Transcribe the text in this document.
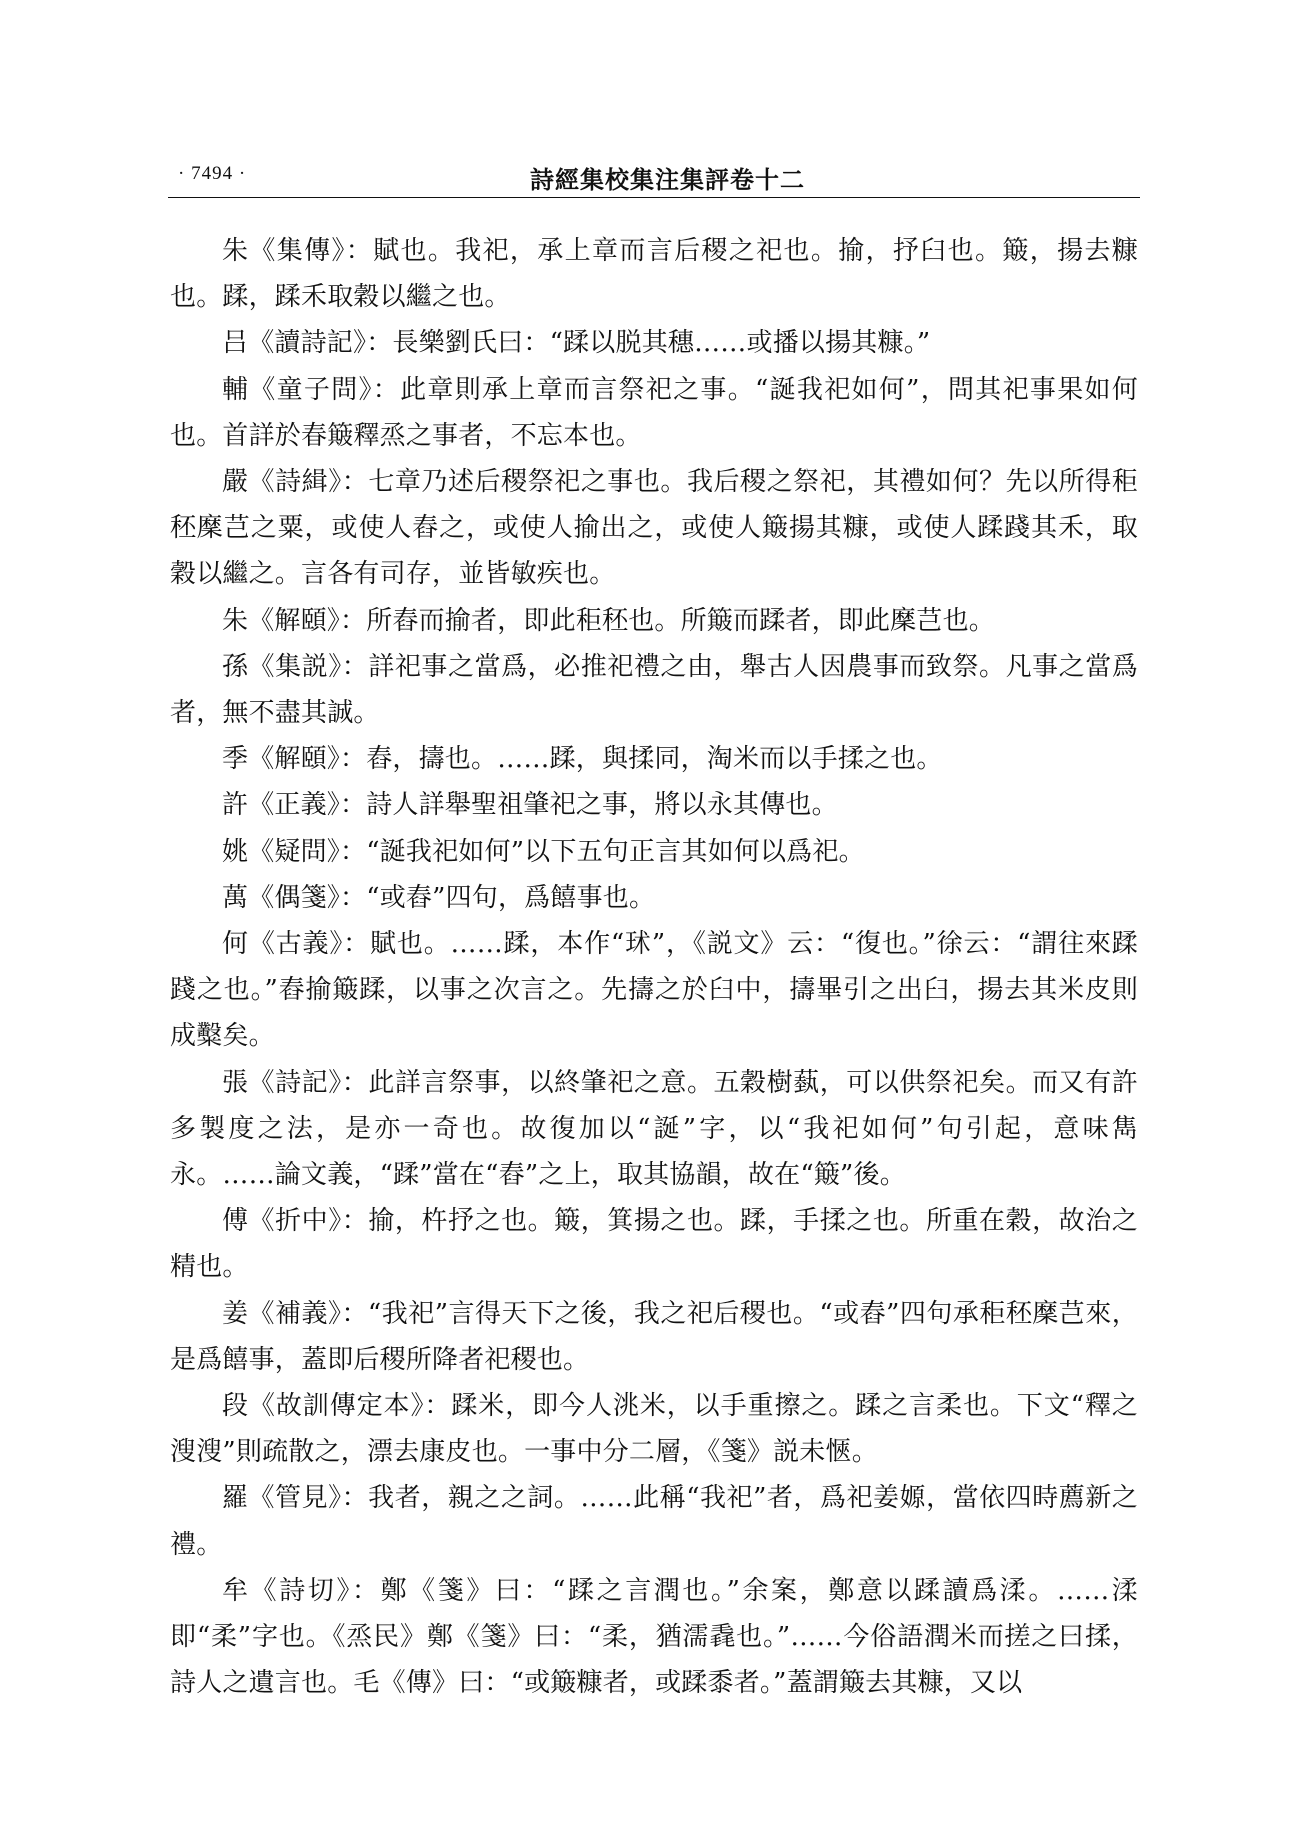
· 7494 ·	詩經集校集注集評卷十二

朱《集傳》：賦也。我祀，承上章而言后稷之祀也。揄，抒臼也。簸，揚去糠也。蹂，蹂禾取穀以繼之也。

吕《讀詩記》：長樂劉氏曰：“蹂以脱其穗……或播以揚其糠。”

輔《童子問》：此章則承上章而言祭祀之事。“誕我祀如何”，問其祀事果如何也。首詳於春簸釋烝之事者，不忘本也。

嚴《詩緝》：七章乃述后稷祭祀之事也。我后稷之祭祀，其禮如何？先以所得秬秠穈芑之粟，或使人舂之，或使人揄出之，或使人簸揚其糠，或使人蹂踐其禾，取穀以繼之。言各有司存，並皆敏疾也。

朱《解頤》：所舂而揄者，即此秬秠也。所簸而蹂者，即此穈芑也。

孫《集説》：詳祀事之當爲，必推祀禮之由，舉古人因農事而致祭。凡事之當爲者，無不盡其誠。

季《解頤》：舂，擣也。……蹂，與揉同，淘米而以手揉之也。

許《正義》：詩人詳舉聖祖肇祀之事，將以永其傳也。

姚《疑問》：“誕我祀如何”以下五句正言其如何以爲祀。

萬《偶箋》：“或舂”四句，爲饎事也。

何《古義》：賦也。……蹂，本作“㺷”，《説文》云：“復也。”徐云：“謂往來蹂踐之也。”舂揄簸蹂，以事之次言之。先擣之於臼中，擣畢引之出臼，揚去其米皮則成糳矣。

張《詩記》：此詳言祭事，以終肇祀之意。五穀樹蓺，可以供祭祀矣。而又有許多製度之法，是亦一奇也。故復加以“誕”字，以“我祀如何”句引起，意味雋永。……論文義，“蹂”當在“舂”之上，取其協韻，故在“簸”後。

傅《折中》：揄，杵抒之也。簸，箕揚之也。蹂，手揉之也。所重在穀，故治之精也。

姜《補義》：“我祀”言得天下之後，我之祀后稷也。“或舂”四句承秬秠穈芑來，是爲饎事，蓋即后稷所降者祀稷也。

段《故訓傳定本》：蹂米，即今人洮米，以手重擦之。蹂之言柔也。下文“釋之溲溲”則疏散之，漂去康皮也。一事中分二層，《箋》説未愜。

羅《管見》：我者，親之之詞。……此稱“我祀”者，爲祀姜嫄，當依四時薦新之禮。

牟《詩切》：鄭《箋》曰：“蹂之言潤也。”余案，鄭意以蹂讀爲渘。……渘即“柔”字也。《烝民》鄭《箋》曰：“柔，猶濡毳也。”……今俗語潤米而搓之曰揉，詩人之遺言也。毛《傳》曰：“或簸糠者，或蹂黍者。”蓋謂簸去其糠，又以
